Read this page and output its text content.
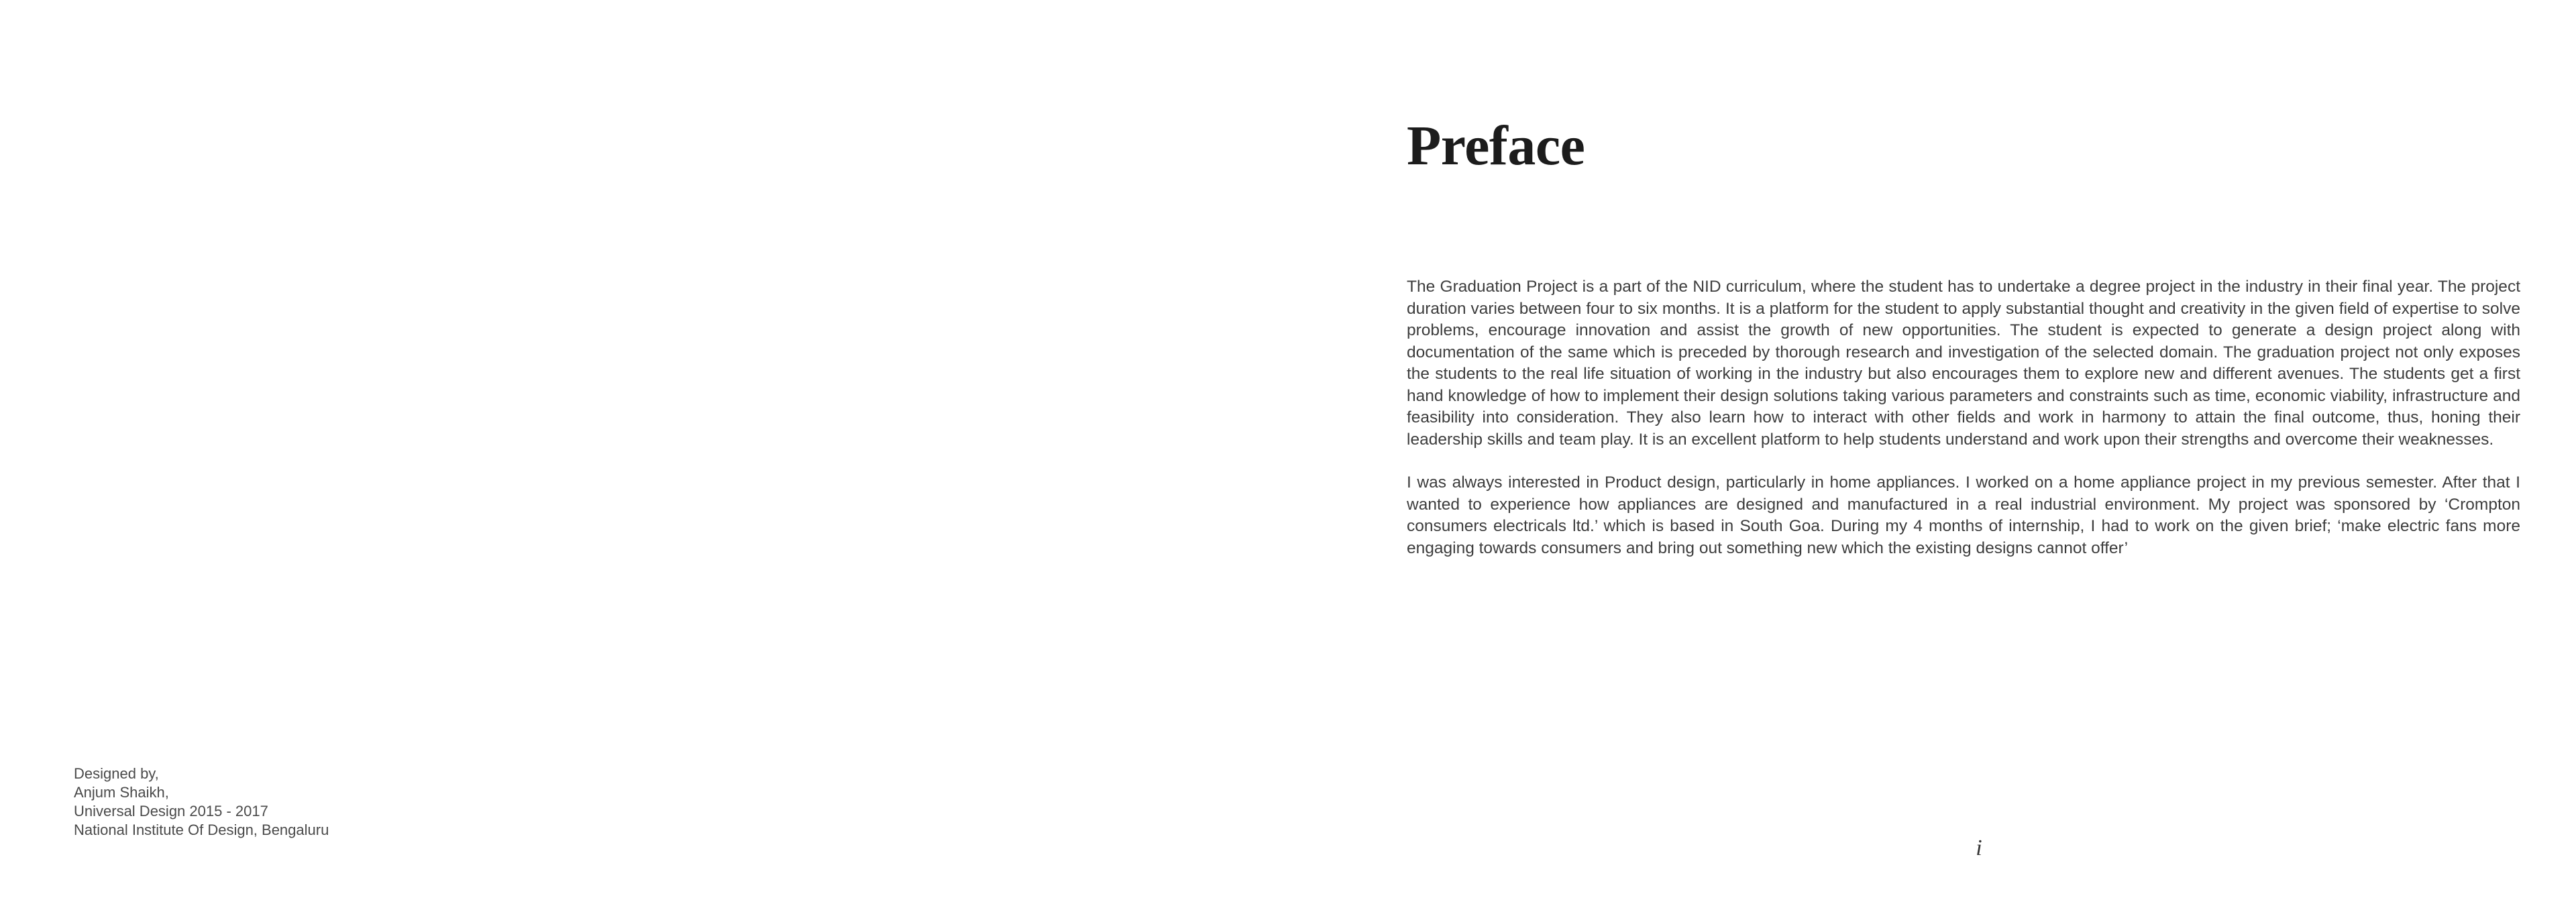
Designed by,
Anjum Shaikh,
Universal Design 2015 - 2017
National Institute Of Design, Bengaluru
Preface

The Graduation Project is a part of the NID curriculum, where the student has to undertake a degree project in the industry in their final year. The project duration varies between four to six months. It is a platform for the student to apply substantial thought and creativity in the given field of expertise to solve problems, encourage innovation and assist the growth of new opportunities. The student is expected to generate a design project along with documentation of the same which is preceded by thorough research and investigation of the selected domain. The graduation project not only exposes the students to the real life situation of working in the industry but also encourages them to explore new and different avenues. The students get a first hand knowledge of how to implement their design solutions taking various parameters and constraints such as time, economic viability, infrastructure and feasibility into consideration. They also learn how to interact with other fields and work in harmony to attain the final outcome, thus, honing their leadership skills and team play. It is an excellent platform to help students understand and work upon their strengths and overcome their weaknesses.

I was always interested in Product design, particularly in home appliances. I worked on a home appliance project in my previous semester. After that I wanted to experience how appliances are designed and manufactured in a real industrial environment. My project was sponsored by ‘Crompton consumers electricals ltd.’ which is based in South Goa. During my 4 months of internship, I had to work on the given brief; ‘make electric fans more engaging towards consumers and bring out something new which the existing designs cannot offer’

i
